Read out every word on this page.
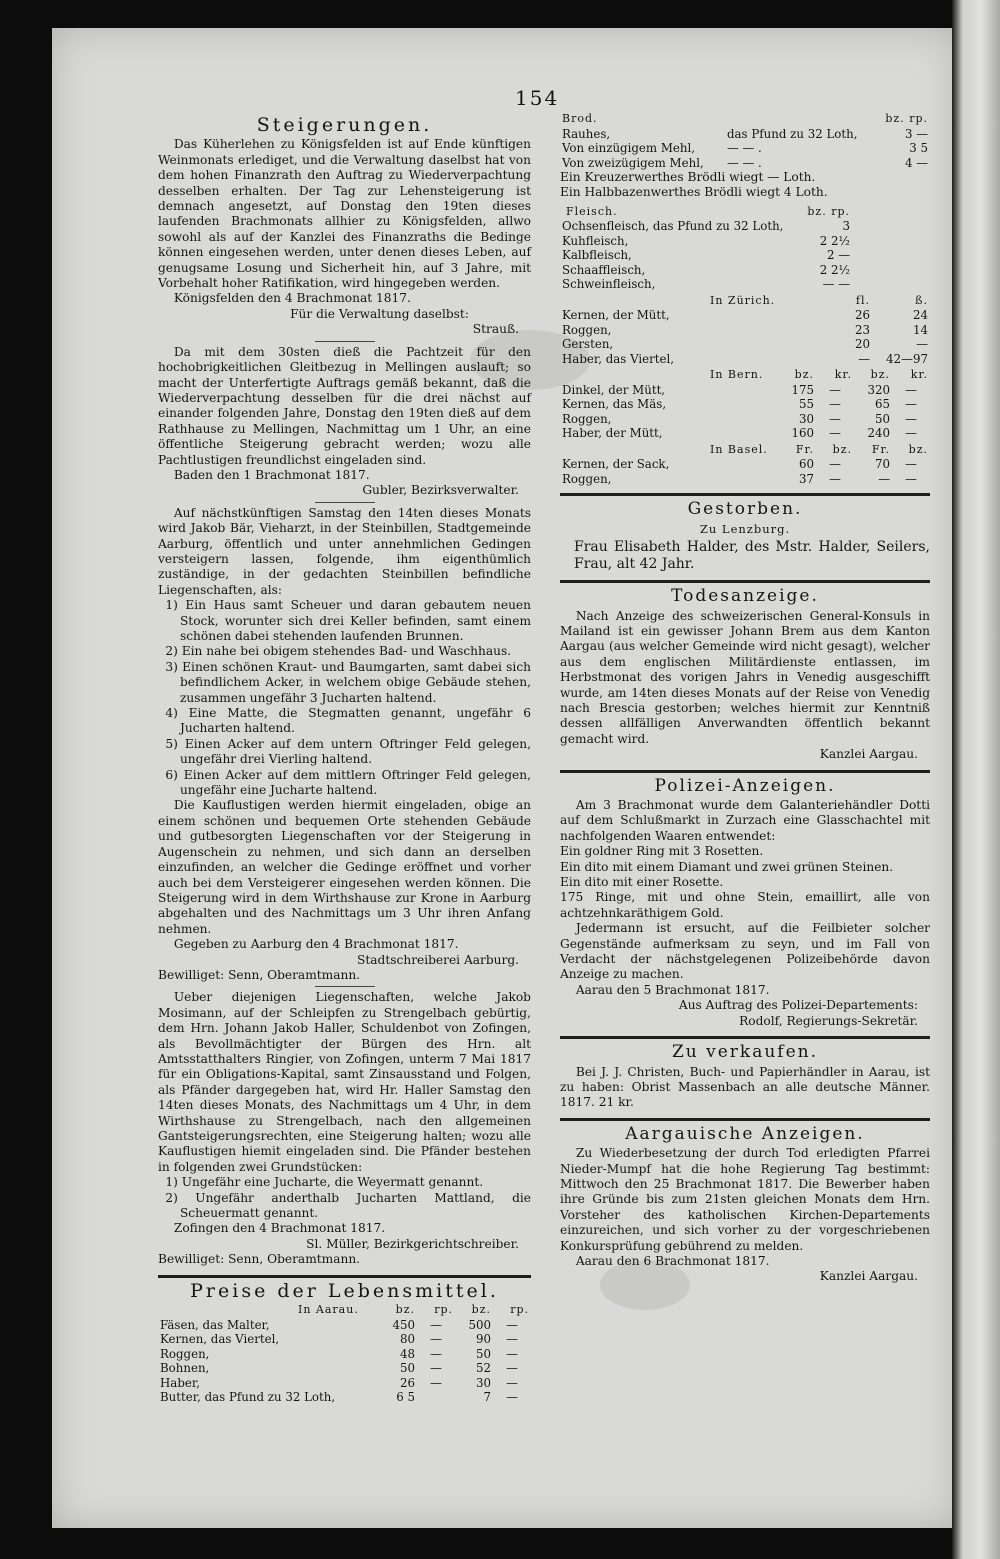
154
Steigerungen.

Das Küherlehen zu Königsfelden ist auf Ende künftigen Weinmonats erlediget, und die Verwaltung daselbst hat von dem hohen Finanzrath den Auftrag zu Wiederverpachtung desselben erhalten. Der Tag zur Lehensteigerung ist demnach angesetzt, auf Donstag den 19ten dieses laufenden Brachmonats allhier zu Königsfelden, allwo sowohl als auf der Kanzlei des Finanzraths die Bedinge können eingesehen werden, unter denen dieses Leben, auf genugsame Losung und Sicherheit hin, auf 3 Jahre, mit Vorbehalt hoher Ratifikation, wird hingegeben werden.

Königsfelden den 4 Brachmonat 1817.

Für die Verwaltung daselbst:

Strauß.

Da mit dem 30sten dieß die Pachtzeit für den hochobrigkeitlichen Gleitbezug in Mellingen auslauft; so macht der Unterfertigte Auftrags gemäß bekannt, daß die Wiederverpachtung desselben für die drei nächst auf einander folgenden Jahre, Donstag den 19ten dieß auf dem Rathhause zu Mellingen, Nachmittag um 1 Uhr, an eine öffentliche Steigerung gebracht werden; wozu alle Pachtlustigen freundlichst eingeladen sind.

Baden den 1 Brachmonat 1817.

Gubler, Bezirksverwalter.

Auf nächstkünftigen Samstag den 14ten dieses Monats wird Jakob Bär, Vieharzt, in der Steinbillen, Stadtgemeinde Aarburg, öffentlich und unter annehmlichen Gedingen versteigern lassen, folgende, ihm eigenthümlich zuständige, in der gedachten Steinbillen befindliche Liegenschaften, als:

1) Ein Haus samt Scheuer und daran gebautem neuen Stock, worunter sich drei Keller befinden, samt einem schönen dabei stehenden laufenden Brunnen.

2) Ein nahe bei obigem stehendes Bad- und Waschhaus.

3) Einen schönen Kraut- und Baumgarten, samt dabei sich befindlichem Acker, in welchem obige Gebäude stehen, zusammen ungefähr 3 Jucharten haltend.

4) Eine Matte, die Stegmatten genannt, ungefähr 6 Jucharten haltend.

5) Einen Acker auf dem untern Oftringer Feld gelegen, ungefähr drei Vierling haltend.

6) Einen Acker auf dem mittlern Oftringer Feld gelegen, ungefähr eine Jucharte haltend.

Die Kauflustigen werden hiermit eingeladen, obige an einem schönen und bequemen Orte stehenden Gebäude und gutbesorgten Liegenschaften vor der Steigerung in Augenschein zu nehmen, und sich dann an derselben einzufinden, an welcher die Gedinge eröffnet und vorher auch bei dem Versteigerer eingesehen werden können. Die Steigerung wird in dem Wirthshause zur Krone in Aarburg abgehalten und des Nachmittags um 3 Uhr ihren Anfang nehmen.

Gegeben zu Aarburg den 4 Brachmonat 1817.

Stadtschreiberei Aarburg.

Bewilliget: Senn, Oberamtmann.

Ueber diejenigen Liegenschaften, welche Jakob Mosimann, auf der Schleipfen zu Strengelbach gebürtig, dem Hrn. Johann Jakob Haller, Schuldenbot von Zofingen, als Bevollmächtigter der Bürgen des Hrn. alt Amtsstatthalters Ringier, von Zofingen, unterm 7 Mai 1817 für ein Obligations-Kapital, samt Zinsausstand und Folgen, als Pfänder dargegeben hat, wird Hr. Haller Samstag den 14ten dieses Monats, des Nachmittags um 4 Uhr, in dem Wirthshause zu Strengelbach, nach den allgemeinen Gantsteigerungsrechten, eine Steigerung halten; wozu alle Kauflustigen hiemit eingeladen sind. Die Pfänder bestehen in folgenden zwei Grundstücken:

1) Ungefähr eine Jucharte, die Weyermatt genannt.

2) Ungefähr anderthalb Jucharten Mattland, die Scheuermatt genannt.

Zofingen den 4 Brachmonat 1817.

Sl. Müller, Bezirkgerichtschreiber.

Bewilliget: Senn, Oberamtmann.

Preise der Lebensmittel.
In Aarau.	bz.	rp.	bz.	rp.
Fäsen, das Malter,	450	—	500	—
Kernen, das Viertel,	80	—	90	—
Roggen,	48	—	50	—
Bohnen,	50	—	52	—
Haber,	26	—	30	—
Butter, das Pfund zu 32 Loth,	6 5		7	—
Brod.		bz. rp.
Rauhes,	das Pfund zu 32 Loth,	3 —
Von einzügigem Mehl,	— — .	3 5
Von zweizügigem Mehl,	— — .	4 —

Ein Kreuzerwerthes Brödli wiegt — Loth.

Ein Halbbazenwerthes Brödli wiegt 4 Loth.

Fleisch.	bz. rp.
Ochsenfleisch, das Pfund zu 32 Loth,	3
Kuhfleisch,	2 2½
Kalbfleisch,	2 —
Schaaffleisch,	2 2½
Schweinfleisch,	— —
In Zürich.	fl.	ß.
Kernen, der Mütt,	26	24
Roggen,	23	14
Gersten,	20	—
Haber, das Viertel,	—	42—97
In Bern.	bz.	kr.	bz.	kr.
Dinkel, der Mütt,	175	—	320	—
Kernen, das Mäs,	55	—	65	—
Roggen,	30	—	50	—
Haber, der Mütt,	160	—	240	—
In Basel.	Fr.	bz.	Fr.	bz.
Kernen, der Sack,	60	—	70	—
Roggen,	37	—	—	—
Gestorben.
Zu Lenzburg.

Frau Elisabeth Halder, des Mstr. Halder, Seilers, Frau, alt 42 Jahr.

Todesanzeige.

Nach Anzeige des schweizerischen General-Konsuls in Mailand ist ein gewisser Johann Brem aus dem Kanton Aargau (aus welcher Gemeinde wird nicht gesagt), welcher aus dem englischen Militärdienste entlassen, im Herbstmonat des vorigen Jahrs in Venedig ausgeschifft wurde, am 14ten dieses Monats auf der Reise von Venedig nach Brescia gestorben; welches hiermit zur Kenntniß dessen allfälligen Anverwandten öffentlich bekannt gemacht wird.

Kanzlei Aargau.

Polizei-Anzeigen.

Am 3 Brachmonat wurde dem Galanteriehändler Dotti auf dem Schlußmarkt in Zurzach eine Glasschachtel mit nachfolgenden Waaren entwendet:

Ein goldner Ring mit 3 Rosetten.

Ein dito mit einem Diamant und zwei grünen Steinen.

Ein dito mit einer Rosette.

175 Ringe, mit und ohne Stein, emaillirt, alle von achtzehnkaräthigem Gold.

Jedermann ist ersucht, auf die Feilbieter solcher Gegenstände aufmerksam zu seyn, und im Fall von Verdacht der nächstgelegenen Polizeibehörde davon Anzeige zu machen.

Aarau den 5 Brachmonat 1817.

Aus Auftrag des Polizei-Departements:

Rodolf, Regierungs-Sekretär.

Zu verkaufen.

Bei J. J. Christen, Buch- und Papierhändler in Aarau, ist zu haben: Obrist Massenbach an alle deutsche Männer. 1817. 21 kr.

Aargauische Anzeigen.

Zu Wiederbesetzung der durch Tod erledigten Pfarrei Nieder-Mumpf hat die hohe Regierung Tag bestimmt: Mittwoch den 25 Brachmonat 1817. Die Bewerber haben ihre Gründe bis zum 21sten gleichen Monats dem Hrn. Vorsteher des katholischen Kirchen-Departements einzureichen, und sich vorher zu der vorgeschriebenen Konkursprüfung gebührend zu melden.

Aarau den 6 Brachmonat 1817.

Kanzlei Aargau.
